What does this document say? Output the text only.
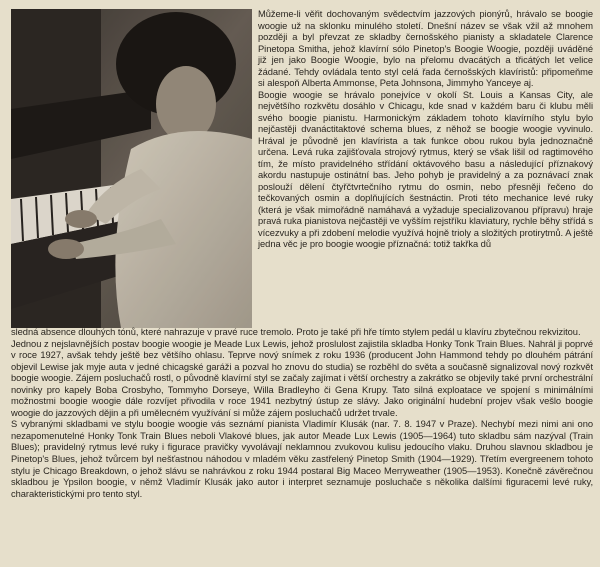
Můžeme-li věřit dochovaným svědectvím jazzových pionýrů, hrávalo se boogie woogie už na sklonku minulého století. Dnešní název se však vžil až mnohem později a byl převzat ze skladby černošského pianisty a skladatele Clarence Pinetopa Smitha, jehož klavírní sólo Pinetop's Boogie Woogie, později uváděné již jen jako Boogie Woogie, bylo na přelomu dvacátých a třicátých let velice žádané. Tehdy ovládala tento styl celá řada černošských klavíristů: připomeňme si alespoň Alberta Ammonse, Peta Johnsona, Jimmyho Yanceye aj.

Boogie woogie se hrávalo ponejvíce v okolí St. Louis a Kansas City, ale největšího rozkvětu dosáhlo v Chicagu, kde snad v každém baru či klubu měli svého boogie pianistu. Harmonickým základem tohoto klavírního stylu bylo nejčastěji dvanáctitaktové schema blues, z něhož se boogie woogie vyvinulo. Hrával je původně jen klavírista a tak funkce obou rukou byla jednoznačně určena. Levá ruka zajišťovala strojový rytmus, který se však lišil od ragtimového tím, že místo pravidelného střídání oktávového basu a následující příznakový akordu nastupuje ostinátní bas. Jeho pohyb je pravidelný a za poznávací znak poslouží dělení čtyřčtvrtečního rytmu do osmin, nebo přesněji řečeno do tečkovaných osmin a doplňujících šestnáctin. Proti této mechanice levé ruky (která je však mimořádně namáhavá a vyžaduje specializovanou přípravu) hraje pravá ruka pianistova nejčastěji ve vyšším rejstříku klaviatury, rychle běhy střídá s vícezvuky a při zdobení melodie využívá hojně trioly a složitých protirytmů. A ještě jedna věc je pro boogie woogie příznačná: totiž takřka dů

sledná absence dlouhých tónů, které nahrazuje v pravé ruce tremolo. Proto je také při hře tímto stylem pedál u klavíru zbytečnou rekvizitou.

Jednou z nejslavnějších postav boogie woogie je Meade Lux Lewis, jehož proslulost zajistila skladba Honky Tonk Train Blues. Nahrál ji poprvé v roce 1927, avšak tehdy ještě bez většího ohlasu. Teprve nový snímek z roku 1936 (producent John Hammond tehdy po dlouhém pátrání objevil Lewise jak myje auta v jedné chicagské garáži a pozval ho znovu do studia) se rozběhl do světa a současně signalizoval nový rozkvět boogie woogie. Zájem posluchačů rostl, o původně klavírní styl se začaly zajímat i větší orchestry a zakrátko se objevily také první orchestrální novinky pro kapely Boba Crosbyho, Tommyho Dorseye, Willa Bradleyho či Gena Krupy. Tato silná exploatace ve spojení s minimálními možnostmi boogie woogie dále rozvíjet přivodila v roce 1941 nezbytný ústup ze slávy. Jako originální hudební projev však vešlo boogie woogie do jazzových dějin a při umělecném využívání si může zájem posluchačů udržet trvale.

S vybranými skladbami ve stylu boogie woogie vás seznámí pianista Vladimír Klusák (nar. 7. 8. 1947 v Praze). Nechybí mezi nimi ani ono nezapomenutelné Honky Tonk Train Blues neboli Vlakové blues, jak autor Meade Lux Lewis (1905—1964) tuto skladbu sám nazýval (Train Blues); pravidelný rytmus levé ruky i figurace pravičky vyvolávají neklamnou zvukovou kulisu jedoucího vlaku. Druhou slavnou skladbou je Pinetop's Blues, jehož tvůrcem byl nešťastnou náhodou v mladém věku zastřelený Pinetop Smith (1904—1929). Třetím evergreenem tohoto stylu je Chicago Breakdown, o jehož slávu se nahrávkou z roku 1944 postaral Big Maceo Merryweather (1905—1953). Konečně závěrečnou skladbou je Ypsilon boogie, v němž Vladimír Klusák jako autor i interpret seznamuje posluchače s několika dalšími figuracemi levé ruky, charakteristickými pro tento styl.
